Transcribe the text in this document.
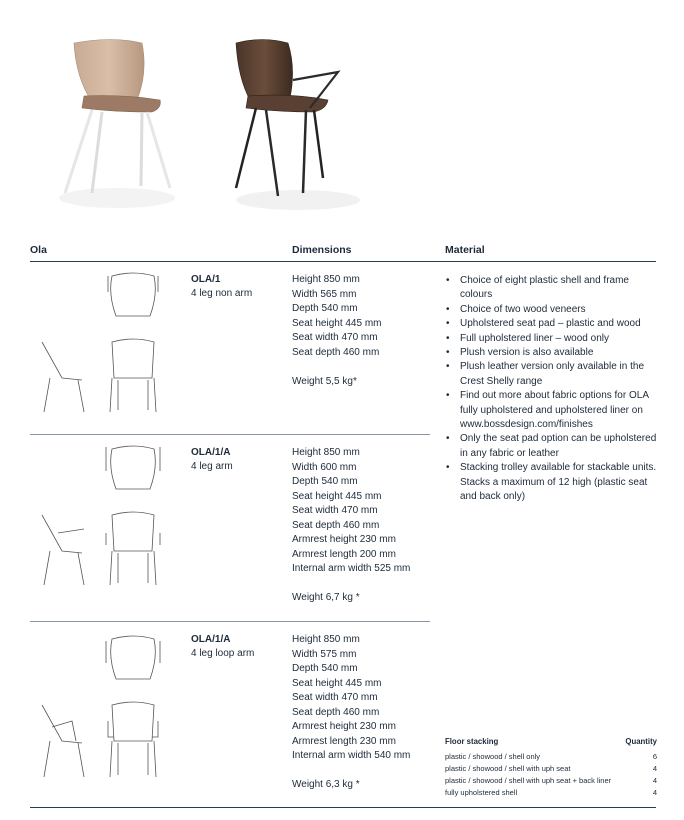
Ola	Dimensions	Material
OLA/1
4 leg non arm
Height 850 mm
Width 565 mm
Depth 540 mm
Seat height 445 mm
Seat width 470 mm
Seat depth 460 mm
Weight 5,5 kg*
OLA/1/A
4 leg arm
Height 850 mm
Width 600 mm
Depth 540 mm
Seat height 445 mm
Seat width 470 mm
Seat depth 460 mm
Armrest height 230 mm
Armrest length 200 mm
Internal arm width 525 mm
Weight 6,7 kg *
OLA/1/A
4 leg loop arm
Height 850 mm
Width 575 mm
Depth 540 mm
Seat height 445 mm
Seat width 470 mm
Seat depth 460 mm
Armrest height 230 mm
Armrest length 230 mm
Internal arm width 540 mm
Weight 6,3 kg *
• Choice of eight plastic shell and frame colours
• Choice of two wood veneers
• Upholstered seat pad – plastic and wood
• Full upholstered liner – wood only
• Plush version is also available
• Plush leather version only available in the Crest Shelly range
• Find out more about fabric options for OLA fully upholstered and upholstered liner on www.bossdesign.com/finishes
• Only the seat pad option can be upholstered in any fabric or leather
• Stacking trolley available for stackable units. Stacks a maximum of 12 high (plastic seat and back only)
Floor stacking	Quantity
plastic / showood / shell only	6
plastic / showood / shell with uph seat	4
plastic / showood / shell with uph seat + back liner	4
fully upholstered shell	4
